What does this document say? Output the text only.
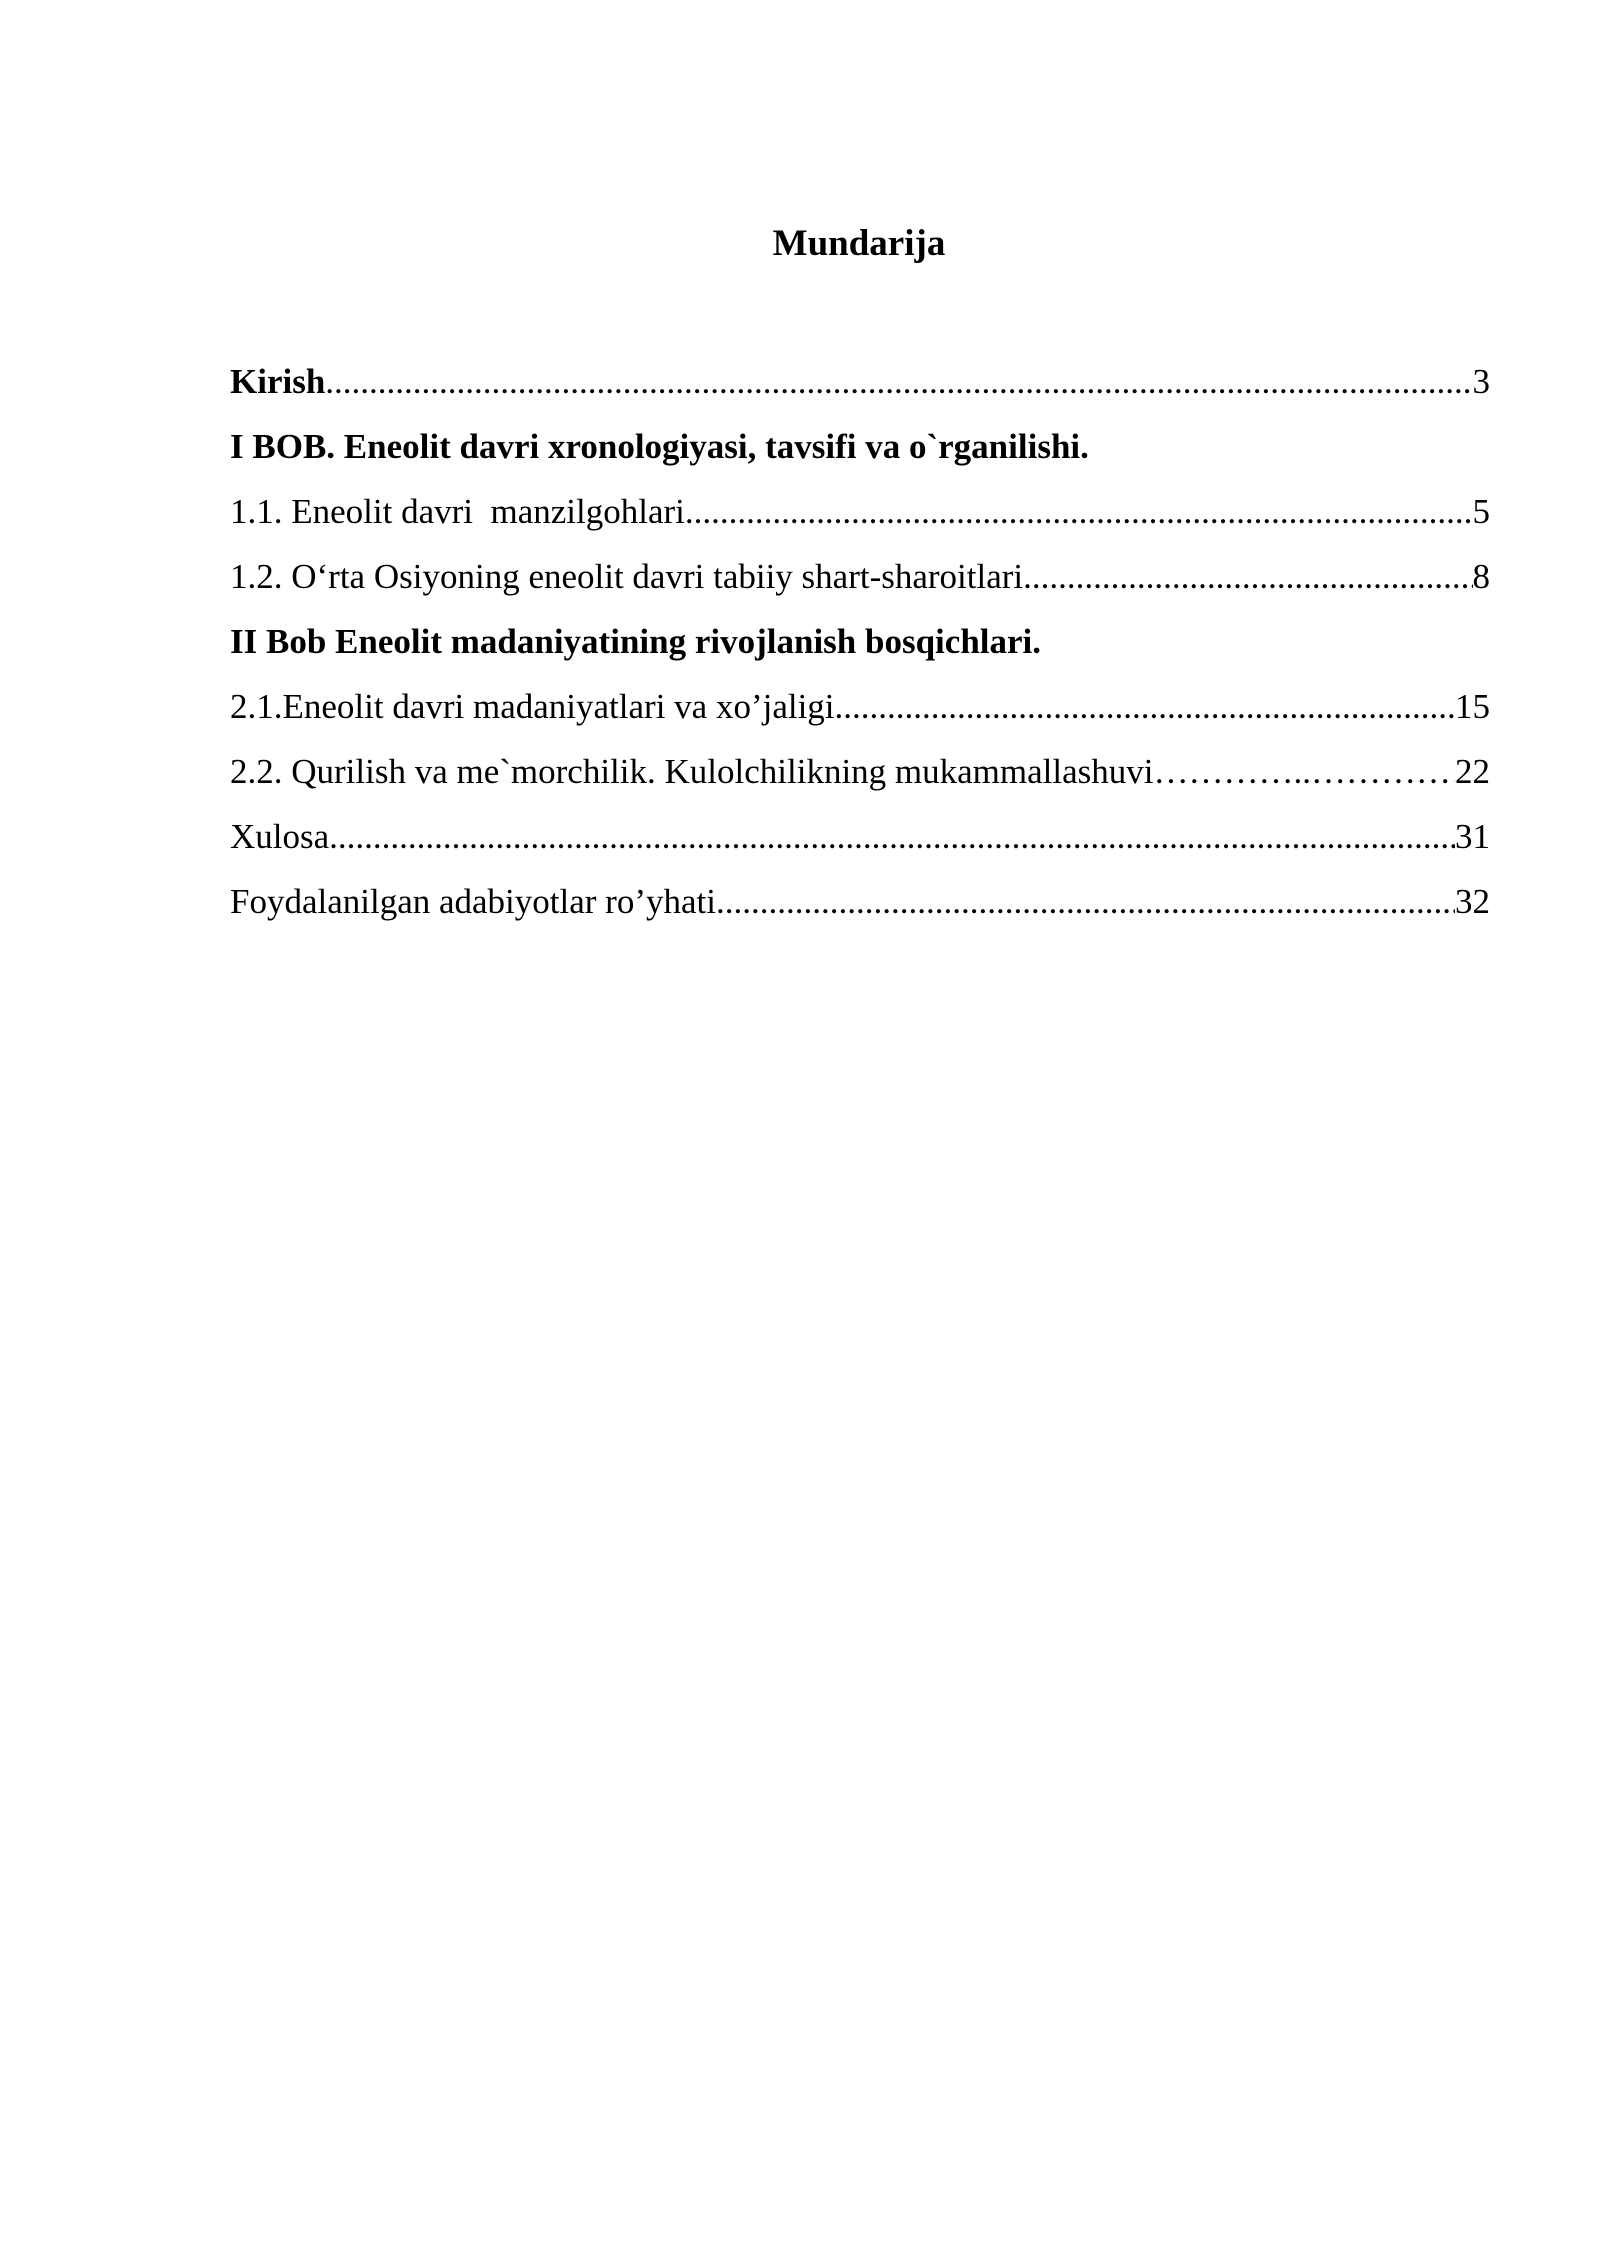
Mundarija
Kirish .....	3
I BOB. Eneolit davri xronologiyasi, tavsifi va o`rganilishi.
1.1. Eneolit davri  manzilgohlari .....	5
1.2. O‘rta Osiyoning eneolit davri tabiiy shart-sharoitlari .....	8
II Bob Eneolit madaniyatining rivojlanish bosqichlari.
2.1.Eneolit davri madaniyatlari va xo’jaligi .....	15
2.2. Qurilish va me`morchilik. Kulolchilikning mukammallashuvi …………..…………………………………	22
Xulosa .....	31
Foydalanilgan adabiyotlar ro’yhati .....	32
